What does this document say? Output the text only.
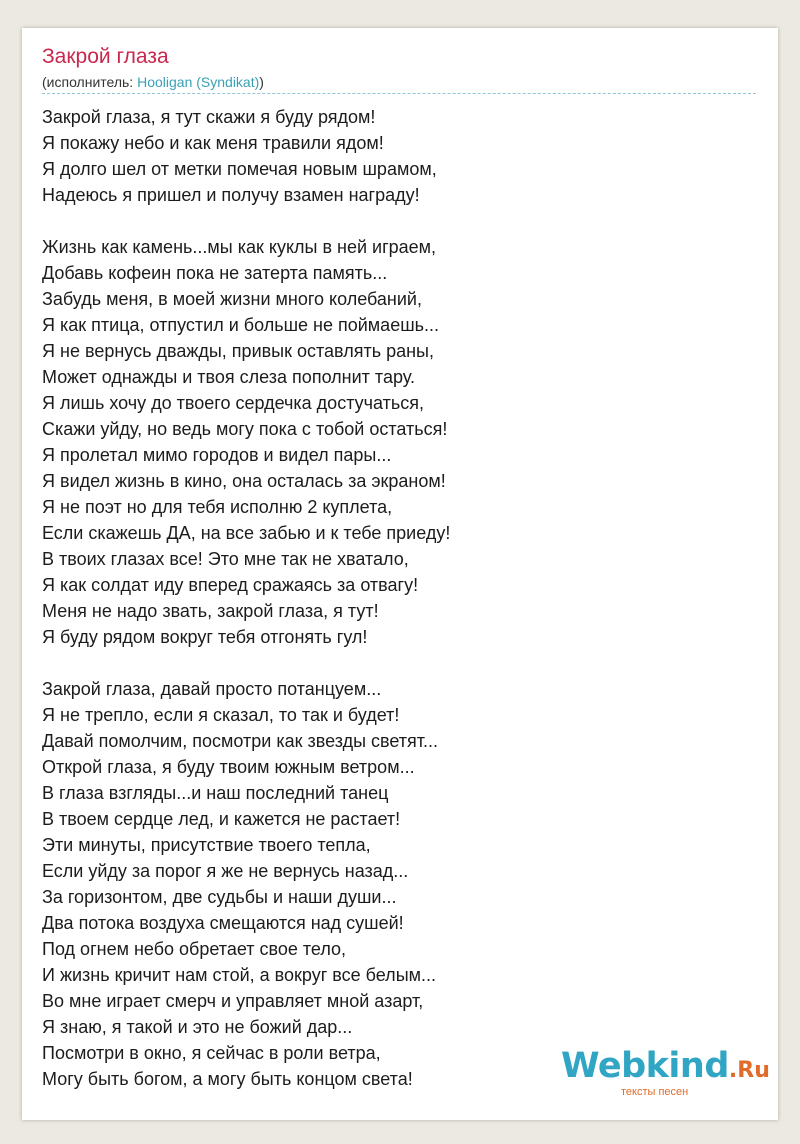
Закрой глаза
(исполнитель: Hooligan (Syndikat))
Закрой глаза, я тут скажи я буду рядом!
Я покажу небо и как меня травили ядом!
Я долго шел от метки помечая новым шрамом,
Надеюсь я пришел и получу взамен награду!
Жизнь как камень...мы как куклы в ней играем,
Добавь кофеин пока не затерта память...
Забудь меня, в моей жизни много колебаний,
Я как птица, отпустил и больше не поймаешь...
Я не вернусь дважды, привык оставлять раны,
Может однажды и твоя слеза пополнит тару.
Я лишь хочу до твоего сердечка достучаться,
Скажи уйду, но ведь могу пока с тобой остаться!
Я пролетал мимо городов и видел пары...
Я видел жизнь в кино, она осталась за экраном!
Я не поэт но для тебя исполню 2 куплета,
Если скажешь ДА, на все забью и к тебе приеду!
В твоих глазах все! Это мне так не хватало,
Я как солдат иду вперед сражаясь за отвагу!
Меня не надо звать, закрой глаза, я тут!
Я буду рядом вокруг тебя отгонять гул!
Закрой глаза, давай просто потанцуем...
Я не трепло, если я сказал, то так и будет!
Давай помолчим, посмотри как звезды светят...
Открой глаза, я буду твоим южным ветром...
В глаза взгляды...и наш последний танец
В твоем сердце лед, и кажется не растает!
Эти минуты, присутствие твоего тепла,
Если уйду за порог я же не вернусь назад...
За горизонтом, две судьбы и наши души...
Два потока воздуха смещаются над сушей!
Под огнем небо обретает свое тело,
И жизнь кричит нам стой, а вокруг все белым...
Во мне играет смерч и управляет мной азарт,
Я знаю, я такой и это не божий дар...
Посмотри в окно, я сейчас в роли ветра,
Могу быть богом, а могу быть концом света!	Webkind.Ru
тексты песен
